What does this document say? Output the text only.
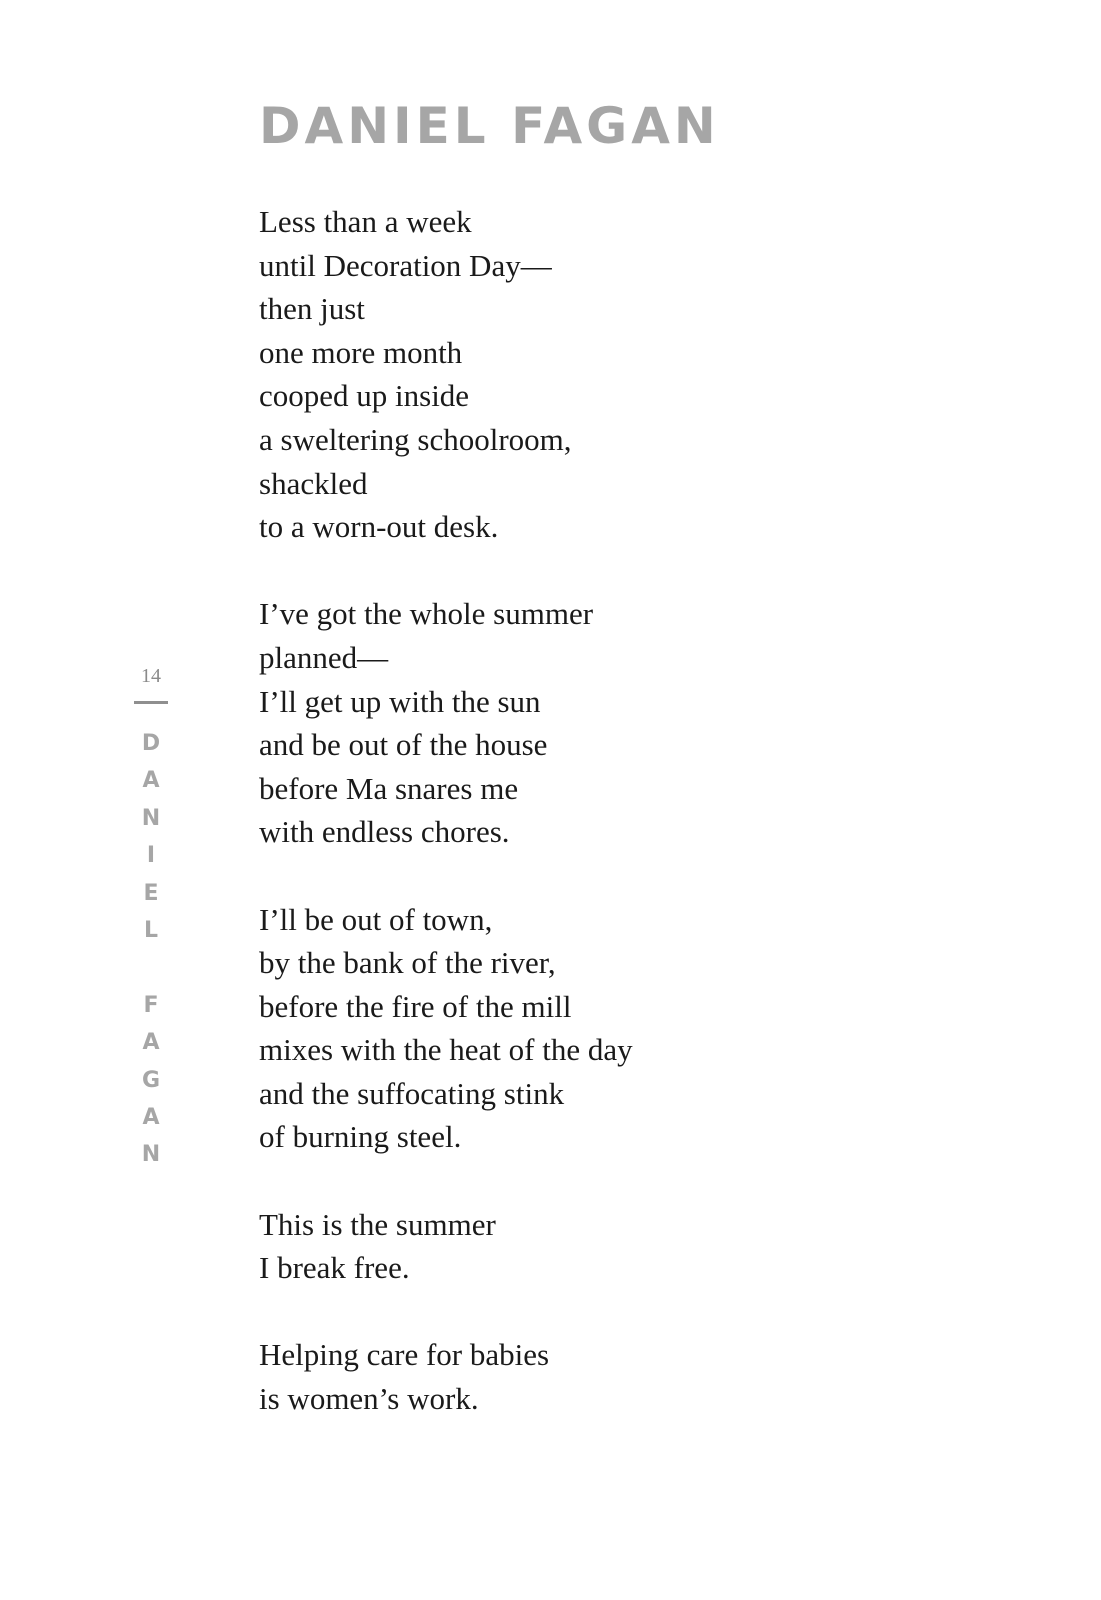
DANIEL FAGAN
Less than a week
until Decoration Day—
then just
one more month
cooped up inside
a sweltering schoolroom,
shackled
to a worn-out desk.
I’ve got the whole summer
planned—
I’ll get up with the sun
and be out of the house
before Ma snares me
with endless chores.
I’ll be out of town,
by the bank of the river,
before the fire of the mill
mixes with the heat of the day
and the suffocating stink
of burning steel.
This is the summer
I break free.
Helping care for babies
is women’s work.
14
D
A
N
I
E
L
F
A
G
A
N
